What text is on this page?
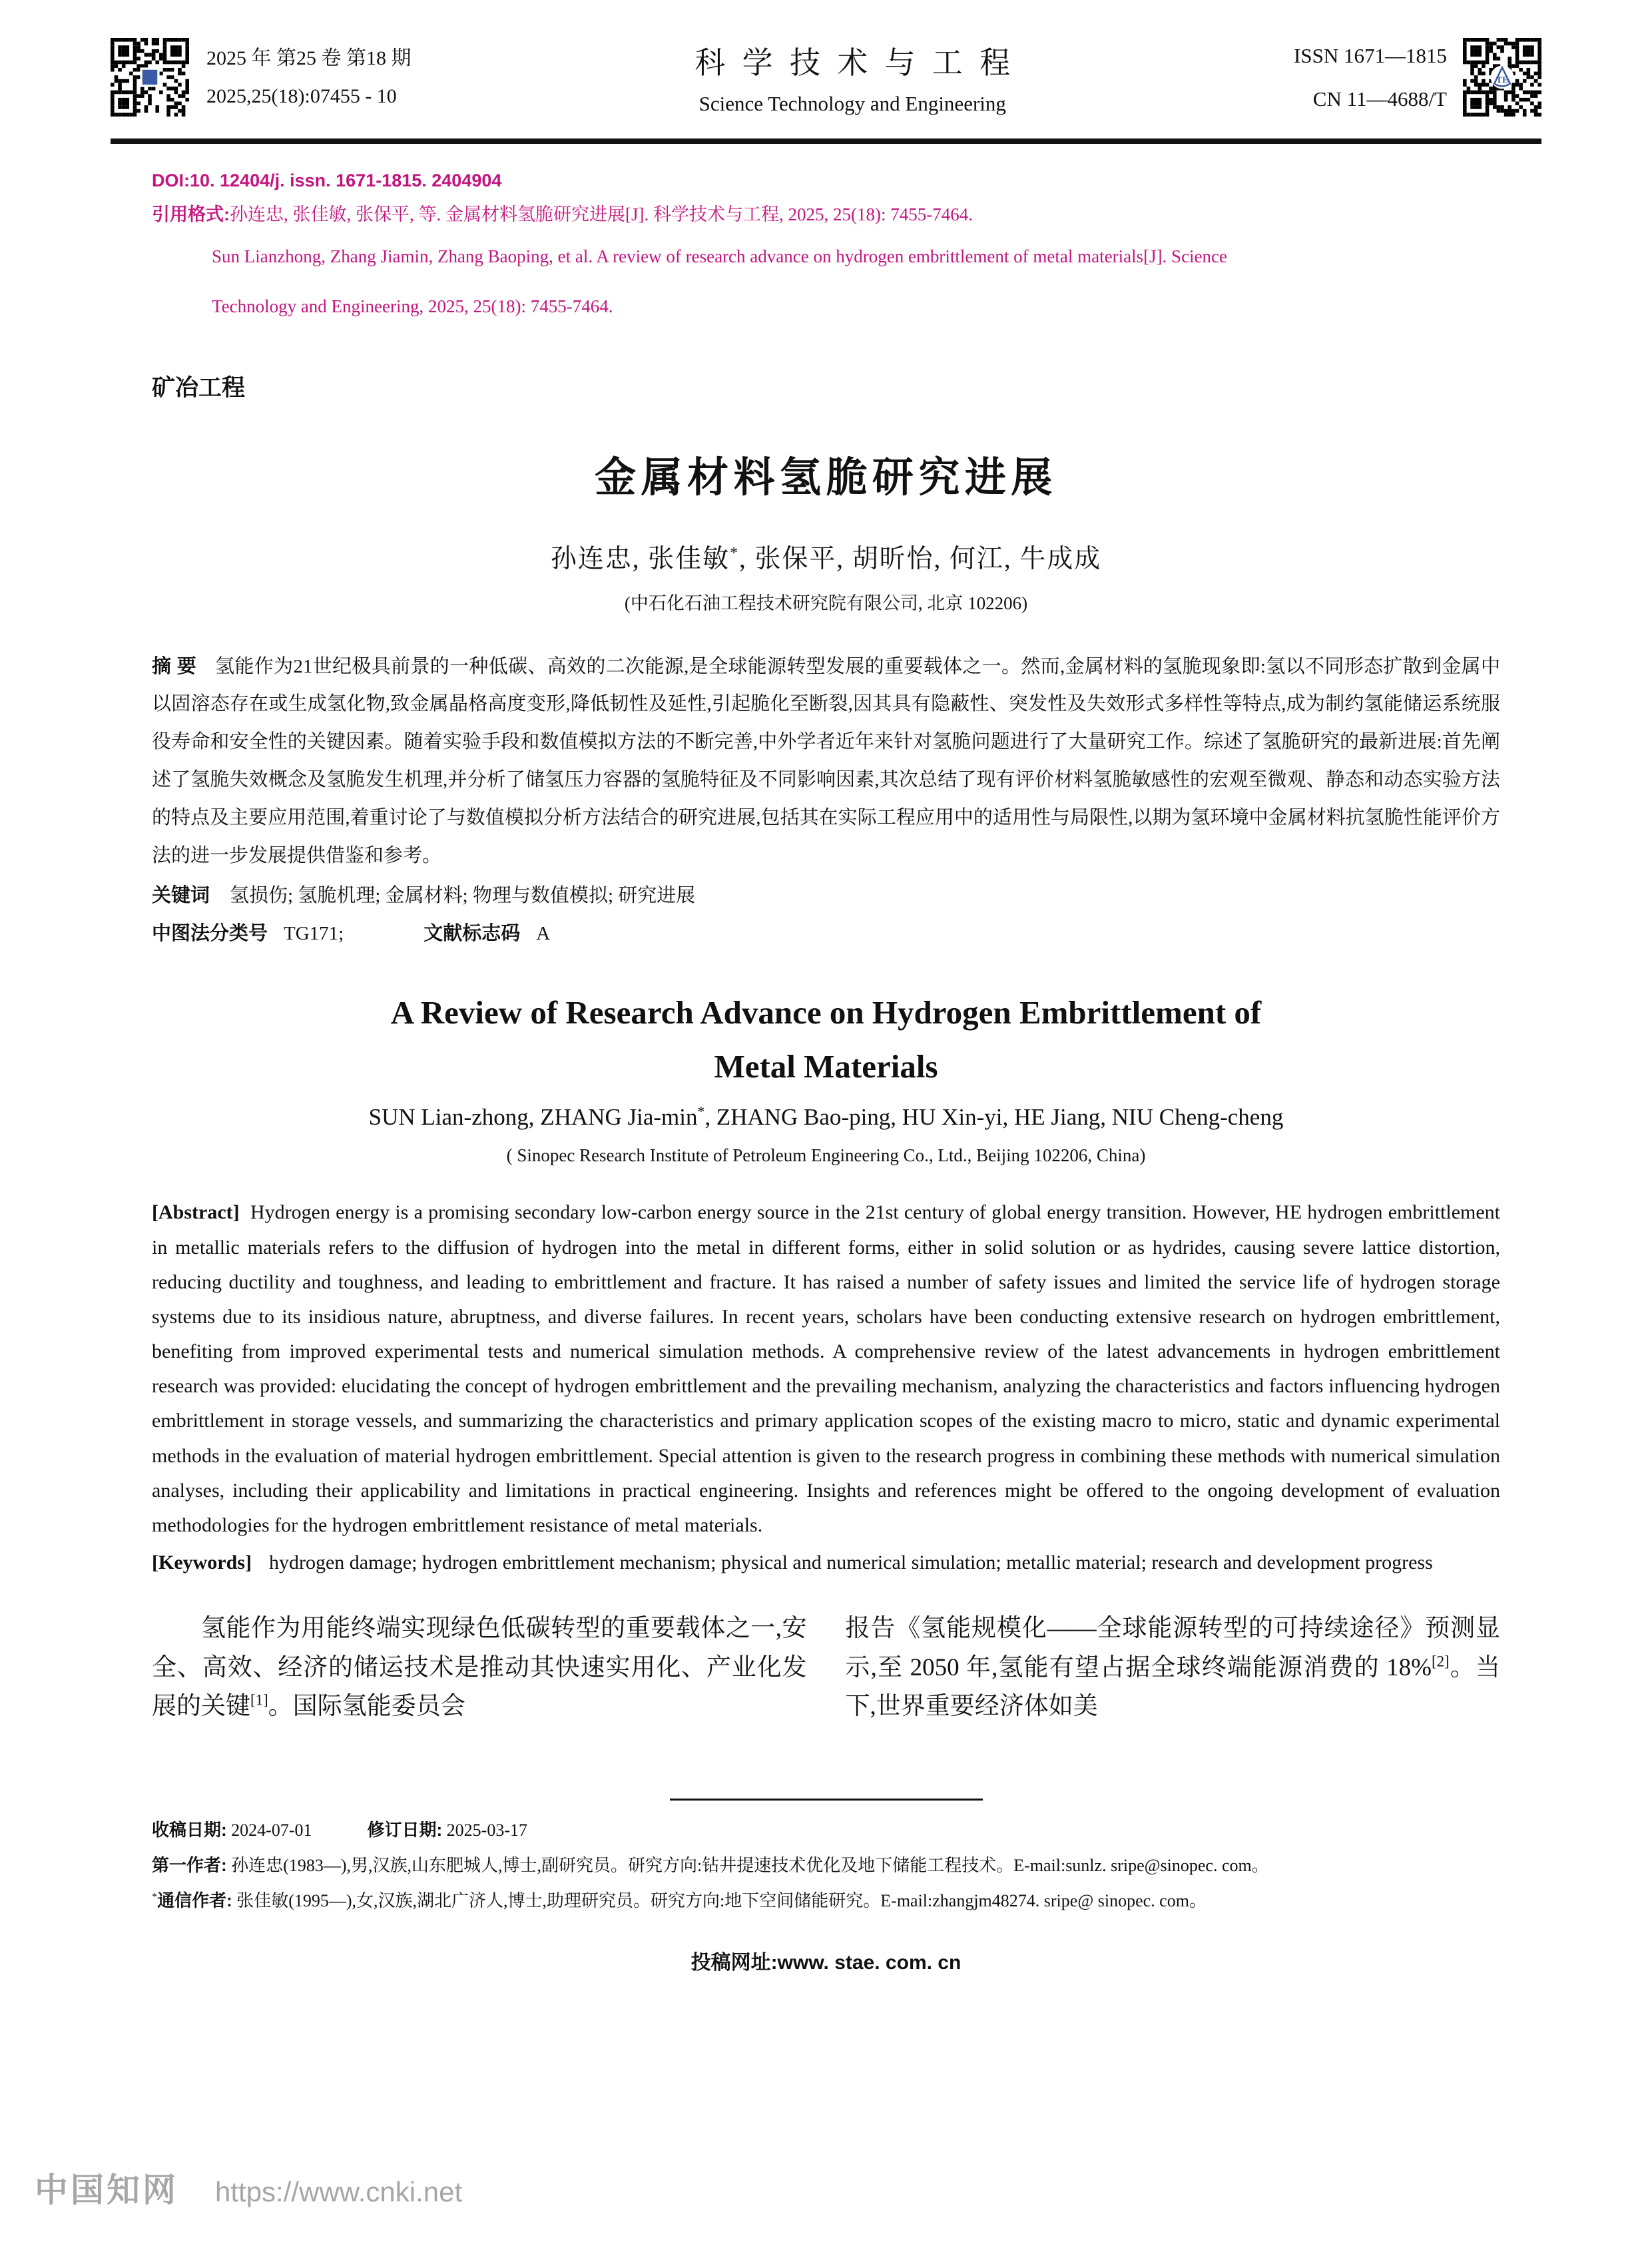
2025 年 第25 卷 第18 期
2025,25(18):07455 - 10
科学技术与工程
Science Technology and Engineering
ISSN 1671—1815
CN 11—4688/T
TE
DOI:10. 12404/j. issn. 1671-1815. 2404904
引用格式:孙连忠, 张佳敏, 张保平, 等. 金属材料氢脆研究进展[J]. 科学技术与工程, 2025, 25(18): 7455-7464.
Sun Lianzhong, Zhang Jiamin, Zhang Baoping, et al. A review of research advance on hydrogen embrittlement of metal materials[J]. Science
Technology and Engineering, 2025, 25(18): 7455-7464.
矿冶工程
金属材料氢脆研究进展
孙连忠, 张佳敏*, 张保平, 胡昕怡, 何江, 牛成成
(中石化石油工程技术研究院有限公司, 北京 102206)

摘 要 氢能作为21世纪极具前景的一种低碳、高效的二次能源,是全球能源转型发展的重要载体之一。然而,金属材料的氢脆现象即:氢以不同形态扩散到金属中以固溶态存在或生成氢化物,致金属晶格高度变形,降低韧性及延性,引起脆化至断裂,因其具有隐蔽性、突发性及失效形式多样性等特点,成为制约氢能储运系统服役寿命和安全性的关键因素。随着实验手段和数值模拟方法的不断完善,中外学者近年来针对氢脆问题进行了大量研究工作。综述了氢脆研究的最新进展:首先阐述了氢脆失效概念及氢脆发生机理,并分析了储氢压力容器的氢脆特征及不同影响因素,其次总结了现有评价材料氢脆敏感性的宏观至微观、静态和动态实验方法的特点及主要应用范围,着重讨论了与数值模拟分析方法结合的研究进展,包括其在实际工程应用中的适用性与局限性,以期为氢环境中金属材料抗氢脆性能评价方法的进一步发展提供借鉴和参考。

关键词 氢损伤; 氢脆机理; 金属材料; 物理与数值模拟; 研究进展
中图法分类号 TG171;	文献标志码 A
A Review of Research Advance on Hydrogen Embrittlement of
Metal Materials
SUN Lian-zhong, ZHANG Jia-min*, ZHANG Bao-ping, HU Xin-yi, HE Jiang, NIU Cheng-cheng
( Sinopec Research Institute of Petroleum Engineering Co., Ltd., Beijing 102206, China)

[Abstract] Hydrogen energy is a promising secondary low-carbon energy source in the 21st century of global energy transition. However, HE hydrogen embrittlement in metallic materials refers to the diffusion of hydrogen into the metal in different forms, either in solid solution or as hydrides, causing severe lattice distortion, reducing ductility and toughness, and leading to embrittlement and fracture. It has raised a number of safety issues and limited the service life of hydrogen storage systems due to its insidious nature, abruptness, and diverse failures. In recent years, scholars have been conducting extensive research on hydrogen embrittlement, benefiting from improved experimental tests and numerical simulation methods. A comprehensive review of the latest advancements in hydrogen embrittlement research was provided: elucidating the concept of hydrogen embrittlement and the prevailing mechanism, analyzing the characteristics and factors influencing hydrogen embrittlement in storage vessels, and summarizing the characteristics and primary application scopes of the existing macro to micro, static and dynamic experimental methods in the evaluation of material hydrogen embrittlement. Special attention is given to the research progress in combining these methods with numerical simulation analyses, including their applicability and limitations in practical engineering. Insights and references might be offered to the ongoing development of evaluation methodologies for the hydrogen embrittlement resistance of metal materials.

[Keywords] hydrogen damage; hydrogen embrittlement mechanism; physical and numerical simulation; metallic material; research and development progress

氢能作为用能终端实现绿色低碳转型的重要载体之一,安全、高效、经济的储运技术是推动其快速实用化、产业化发展的关键[1]。国际氢能委员会

报告《氢能规模化——全球能源转型的可持续途径》预测显示,至 2050 年,氢能有望占据全球终端能源消费的 18%[2]。当下,世界重要经济体如美

收稿日期: 2024-07-01	修订日期: 2025-03-17

第一作者: 孙连忠(1983—),男,汉族,山东肥城人,博士,副研究员。研究方向:钻井提速技术优化及地下储能工程技术。E-mail:sunlz. sripe@sinopec. com。

*通信作者: 张佳敏(1995—),女,汉族,湖北广济人,博士,助理研究员。研究方向:地下空间储能研究。E-mail:zhangjm48274. sripe@ sinopec. com。

投稿网址:www. stae. com. cn
中国知网 https://www.cnki.net
